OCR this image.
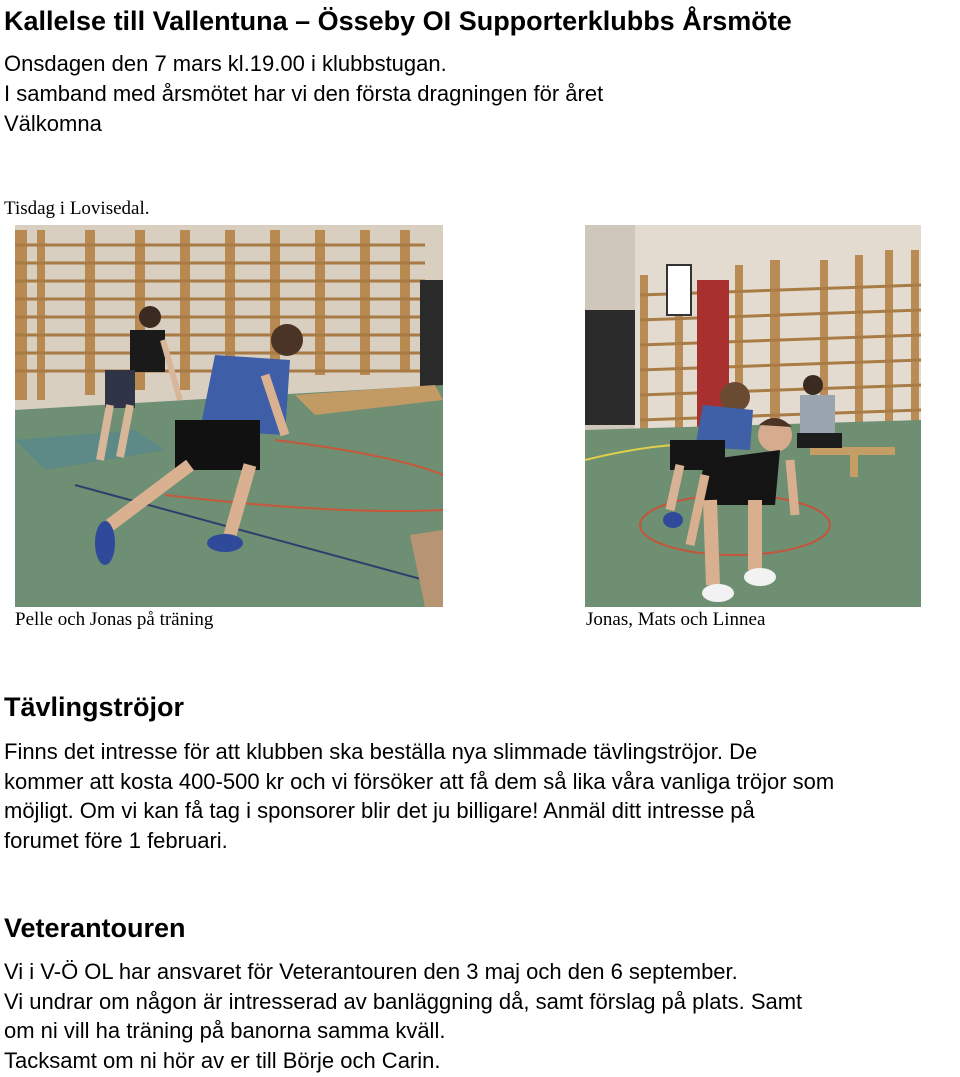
Kallelse till Vallentuna – Össeby OI Supporterklubbs Årsmöte
Onsdagen den 7 mars kl.19.00 i klubbstugan.
I samband med årsmötet har vi den första dragningen för året
Välkomna
Tisdag i Lovisedal.
Pelle och Jonas på träning	Jonas, Mats och Linnea
Tävlingströjor
Finns det intresse för att klubben ska beställa nya slimmade tävlingströjor. De
kommer att kosta 400-500 kr och vi försöker att få dem så lika våra vanliga tröjor som
möjligt. Om vi kan få tag i sponsorer blir det ju billigare! Anmäl ditt intresse på
forumet före 1 februari.
Veterantouren
Vi i V-Ö OL har ansvaret för Veterantouren den 3 maj och den 6 september.
Vi undrar om någon är intresserad av banläggning då, samt förslag på plats. Samt
om ni vill ha träning på banorna samma kväll.
Tacksamt om ni hör av er till Börje och Carin.
